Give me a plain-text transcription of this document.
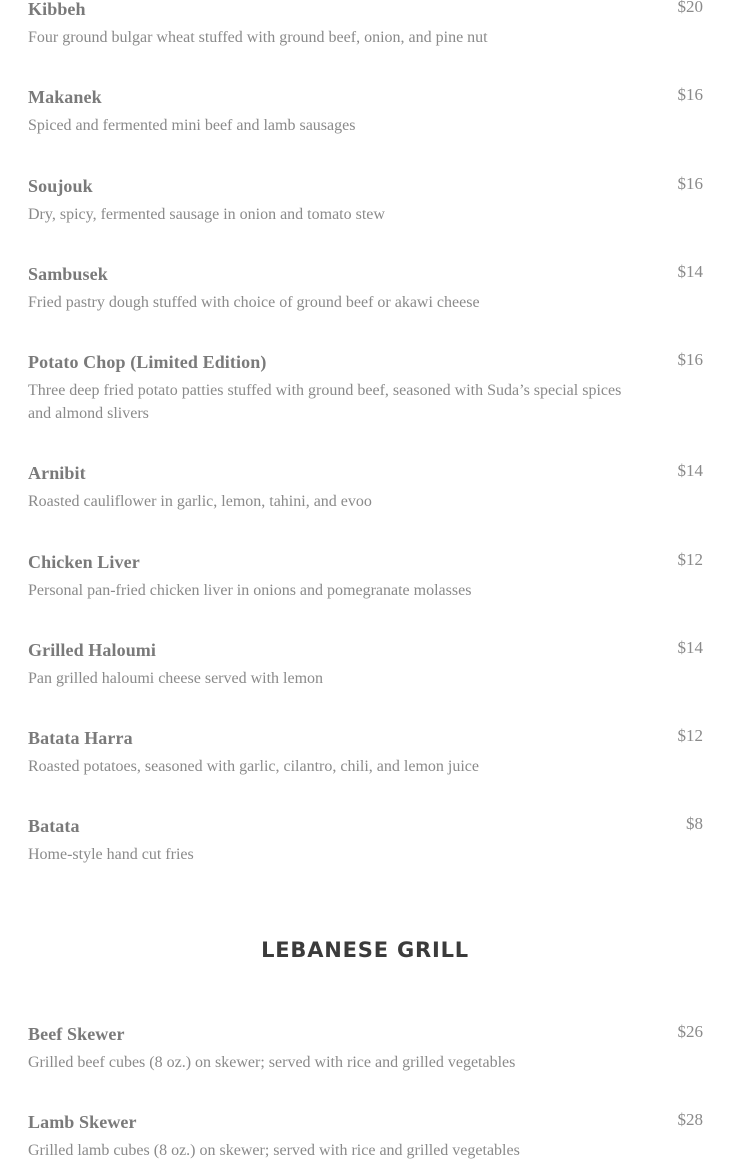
Kibbeh	$20
Four ground bulgar wheat stuffed with ground beef, onion, and pine nut
Makanek	$16
Spiced and fermented mini beef and lamb sausages
Soujouk	$16
Dry, spicy, fermented sausage in onion and tomato stew
Sambusek	$14
Fried pastry dough stuffed with choice of ground beef or akawi cheese
Potato Chop (Limited Edition)	$16
Three deep fried potato patties stuffed with ground beef, seasoned with Suda’s special spices and almond slivers
Arnibit	$14
Roasted cauliflower in garlic, lemon, tahini, and evoo
Chicken Liver	$12
Personal pan-fried chicken liver in onions and pomegranate molasses
Grilled Haloumi	$14
Pan grilled haloumi cheese served with lemon
Batata Harra	$12
Roasted potatoes, seasoned with garlic, cilantro, chili, and lemon juice
Batata	$8
Home-style hand cut fries
LEBANESE GRILL
Beef Skewer	$26
Grilled beef cubes (8 oz.) on skewer; served with rice and grilled vegetables
Lamb Skewer	$28
Grilled lamb cubes (8 oz.) on skewer; served with rice and grilled vegetables
